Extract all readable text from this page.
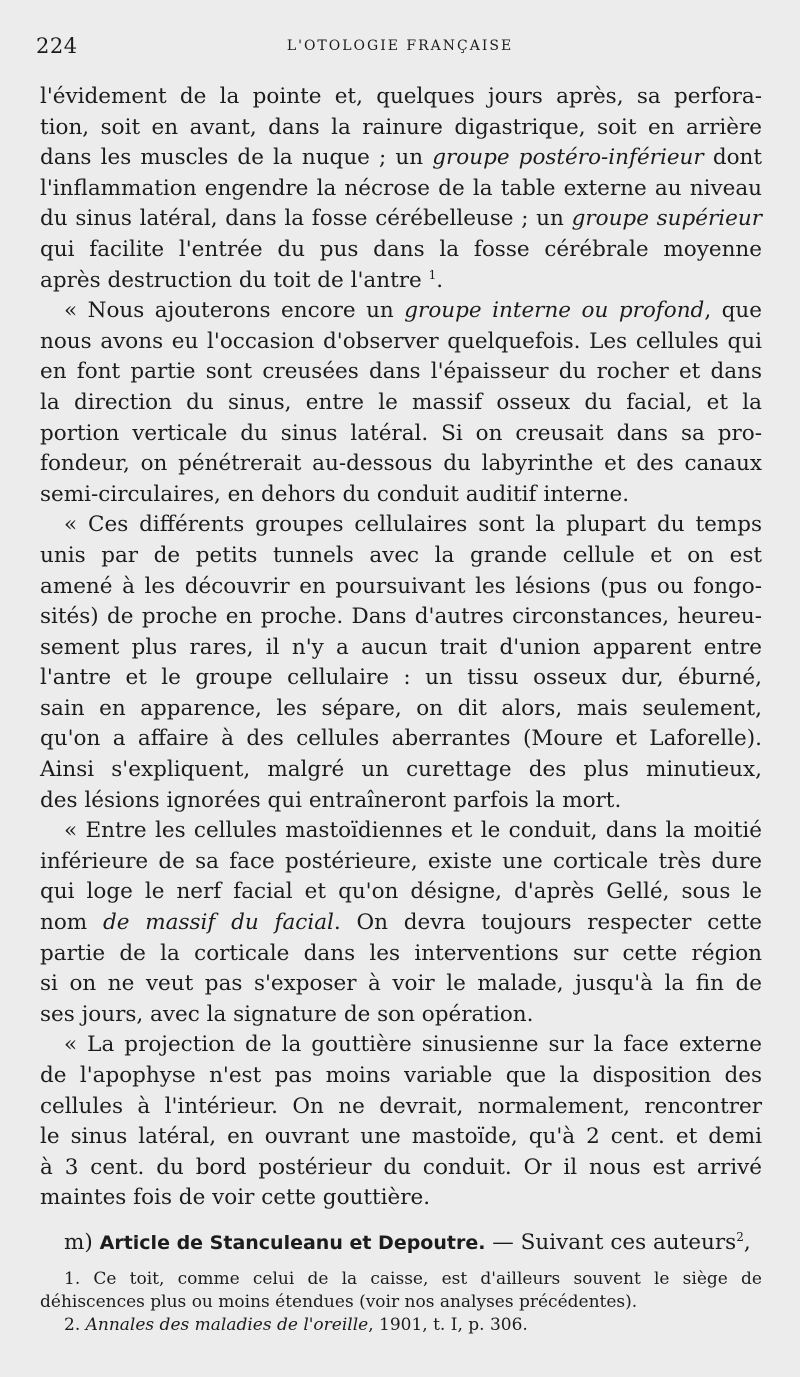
224	L'OTOLOGIE FRANÇAISE
l'évidement de la pointe et, quelques jours après, sa perfora-
tion, soit en avant, dans la rainure digastrique, soit en arrière
dans les muscles de la nuque ; un groupe postéro-inférieur dont
l'inflammation engendre la nécrose de la table externe au niveau
du sinus latéral, dans la fosse cérébelleuse ; un groupe supérieur
qui facilite l'entrée du pus dans la fosse cérébrale moyenne
après destruction du toit de l'antre $^1$.
« Nous ajouterons encore un groupe interne ou profond, que
nous avons eu l'occasion d'observer quelquefois. Les cellules qui
en font partie sont creusées dans l'épaisseur du rocher et dans
la direction du sinus, entre le massif osseux du facial, et la
portion verticale du sinus latéral. Si on creusait dans sa pro-
fondeur, on pénétrerait au-dessous du labyrinthe et des canaux
semi-circulaires, en dehors du conduit auditif interne.
« Ces différents groupes cellulaires sont la plupart du temps
unis par de petits tunnels avec la grande cellule et on est
amené à les découvrir en poursuivant les lésions (pus ou fongo-
sités) de proche en proche. Dans d'autres circonstances, heureu-
sement plus rares, il n'y a aucun trait d'union apparent entre
l'antre et le groupe cellulaire : un tissu osseux dur, éburné,
sain en apparence, les sépare, on dit alors, mais seulement,
qu'on a affaire à des cellules aberrantes (Moure et Laforelle).
Ainsi s'expliquent, malgré un curettage des plus minutieux,
des lésions ignorées qui entraîneront parfois la mort.
« Entre les cellules mastoïdiennes et le conduit, dans la moitié
inférieure de sa face postérieure, existe une corticale très dure
qui loge le nerf facial et qu'on désigne, d'après Gellé, sous le
nom de massif du facial. On devra toujours respecter cette
partie de la corticale dans les interventions sur cette région
si on ne veut pas s'exposer à voir le malade, jusqu'à la fin de
ses jours, avec la signature de son opération.
« La projection de la gouttière sinusienne sur la face externe
de l'apophyse n'est pas moins variable que la disposition des
cellules à l'intérieur. On ne devrait, normalement, rencontrer
le sinus latéral, en ouvrant une mastoïde, qu'à 2 cent. et demi
à 3 cent. du bord postérieur du conduit. Or il nous est arrivé
maintes fois de voir cette gouttière.
m) Article de Stanculeanu et Depoutre. — Suivant ces auteurs$^2$,
1. Ce toit, comme celui de la caisse, est d'ailleurs souvent le siège de
déhiscences plus ou moins étendues (voir nos analyses précédentes).
2. Annales des maladies de l'oreille, 1901, t. I, p. 306.
